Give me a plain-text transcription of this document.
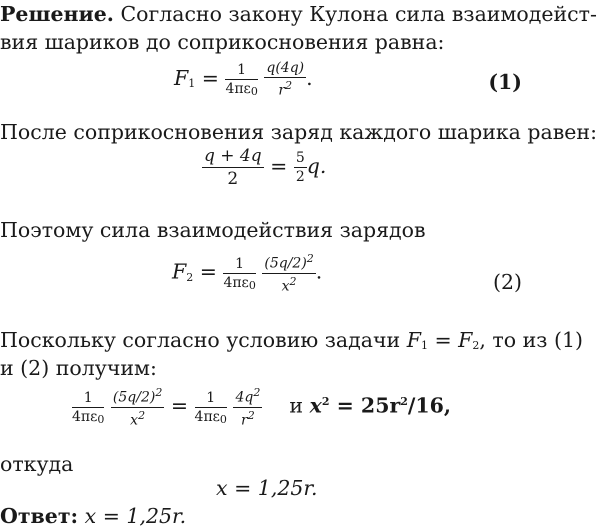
Решение. Согласно закону Кулона сила взаимодейст-
вия шариков до соприкосновения равна:
$F_1 = \frac{1}{4\pi\varepsilon_0}$
$\frac{q(4q)}{r^2}$ .	(1)
После соприкосновения заряд каждого шарика равен:
$\frac{q + 4q}{2} = \frac{5}{2} q$.
Поэтому сила взаимодействия зарядов
$F_2 = \frac{1}{4\pi\varepsilon_0}$
$\frac{(5q/2)^2}{x^2}$ .	(2)
Поскольку согласно условию задачи $F_1 = F_2$, то из (1)
и (2) получим:
$\frac{1}{4\pi\varepsilon_0}$
$\frac{(5q/2)^2}{x^2} = \frac{1}{4\pi\varepsilon_0}$
$\frac{4q^2}{r^2}$ и $x^2 = 25r^2/16$,
откуда
x = 1,25r.
Ответ: x = 1,25r.
